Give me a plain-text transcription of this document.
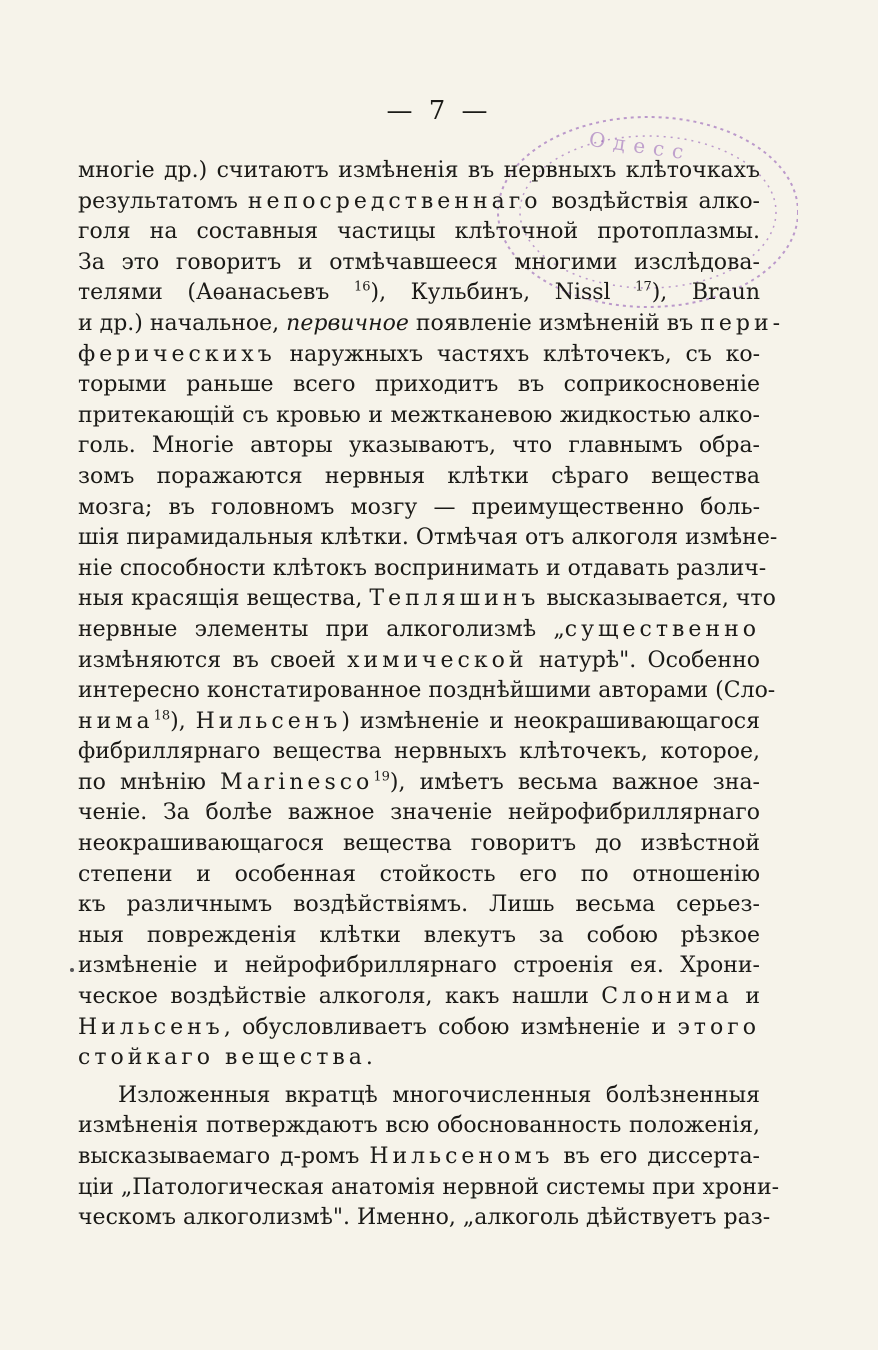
— 7 —
Одесс
многіе др.) считаютъ измѣненія въ нервныхъ клѣточкахъ
результатомъ непосредственнаго воздѣйствія алко-
голя на составныя частицы клѣточной протоплазмы.
За это говоритъ и отмѣчавшееся многими изслѣдова-
телями (Аѳанасьевъ $^{16}$), Кульбинъ, Nissl $^{17}$), Braun
и др.) начальное, первичное появленіе измѣненій въ пери-
ферическихъ наружныхъ частяхъ клѣточекъ, съ ко-
торыми раньше всего приходитъ въ соприкосновеніе
притекающій съ кровью и межтканевою жидкостью алко-
голь. Многіе авторы указываютъ, что главнымъ обра-
зомъ поражаются нервныя клѣтки сѣраго вещества
мозга; въ головномъ мозгу — преимущественно боль-
шія пирамидальныя клѣтки. Отмѣчая отъ алкоголя измѣне-
ніе способности клѣтокъ воспринимать и отдавать различ-
ныя красящія вещества, Тепляшинъ высказывается, что
нервные элементы при алкоголизмѣ „существенно
измѣняются въ своей химической натурѣ". Особенно
интересно констатированное позднѣйшими авторами (Сло-
нима$^{18}$), Нильсенъ) измѣненіе и неокрашивающагося
фибриллярнаго вещества нервныхъ клѣточекъ, которое,
по мнѣнію Marinesco$^{19}$), имѣетъ весьма важное зна-
ченіе. За болѣе важное значеніе нейрофибриллярнаго
неокрашивающагося вещества говоритъ до извѣстной
степени и особенная стойкость его по отношенію
къ различнымъ воздѣйствіямъ. Лишь весьма серьез-
ныя поврежденія клѣтки влекутъ за собою рѣзкое
измѣненіе и нейрофибриллярнаго строенія ея. Хрони-
ческое воздѣйствіе алкоголя, какъ нашли Слонима и
Нильсенъ, обусловливаетъ собою измѣненіе и этого
стойкаго вещества.
Изложенныя вкратцѣ многочисленныя болѣзненныя
измѣненія потверждаютъ всю обоснованность положенія,
высказываемаго д-ромъ Нильсеномъ въ его диссерта-
ціи „Патологическая анатомія нервной системы при хрони-
ческомъ алкоголизмѣ". Именно, „алкоголь дѣйствуетъ раз-
